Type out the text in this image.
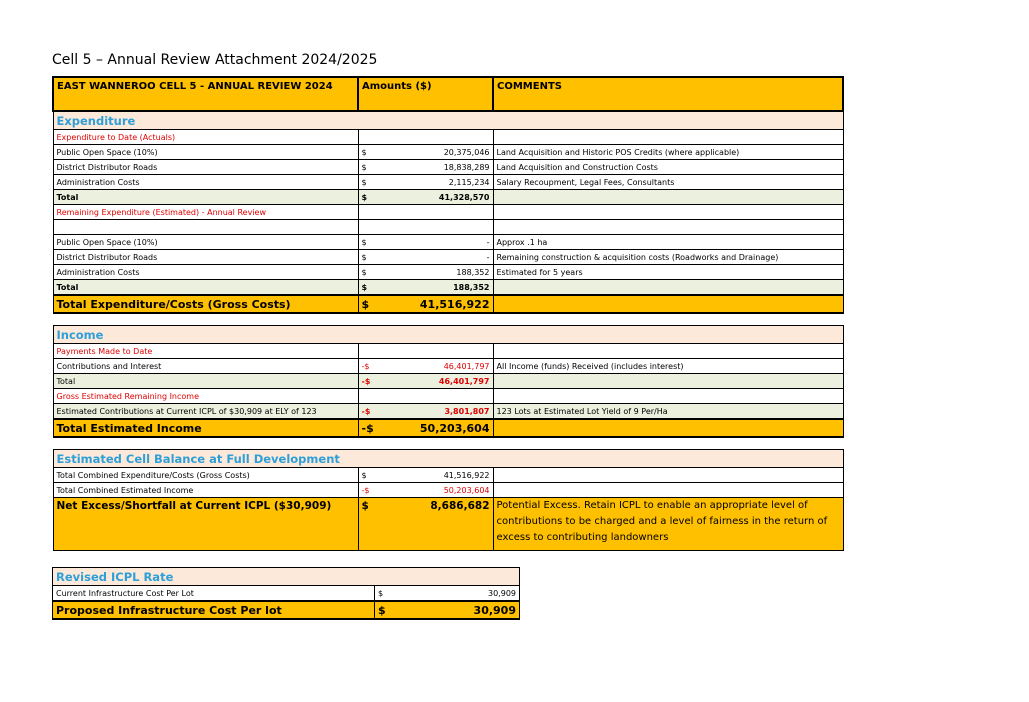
Cell 5 – Annual Review Attachment 2024/2025
EAST WANNEROO CELL 5 - ANNUAL REVIEW 2024	Amounts ($)	COMMENTS
Expenditure		
Expenditure to Date (Actuals)		
Public Open Space (10%)	$ 20,375,046	Land Acquisition and Historic POS Credits (where applicable)
District Distributor Roads	$ 18,838,289	Land Acquisition and Construction Costs
Administration Costs	$ 2,115,234	Salary Recoupment, Legal Fees, Consultants
Total	$ 41,328,570	

Remaining Expenditure (Estimated) - Annual Review		

Public Open Space (10%)	$ -	Approx .1 ha
District Distributor Roads	$ -	Remaining construction & acquisition costs (Roadworks and Drainage)
Administration Costs	$ 188,352	Estimated for 5 years
Total	$ 188,352	

Total Expenditure/Costs (Gross Costs)	$ 41,516,922	

Income		
Payments Made to Date		
Contributions and Interest	-$ 46,401,797	All Income (funds) Received (includes interest)
Total	-$ 46,401,797	

Gross Estimated Remaining Income		
Estimated Contributions at Current ICPL of $30,909 at ELY of 123	-$ 3,801,807	123 Lots at Estimated Lot Yield of 9 Per/Ha
Total Estimated Income	-$ 50,203,604	

Estimated Cell Balance at Full Development		
Total Combined Expenditure/Costs (Gross Costs)	$ 41,516,922	

Total Combined Estimated Income	-$ 50,203,604	

Net Excess/Shortfall at Current ICPL ($30,909)	$ 8,686,682	Potential Excess. Retain ICPL to enable an appropriate level of contributions to be charged and a level of fairness in the return of excess to contributing landowners
Revised ICPL Rate	
Current Infrastructure Cost Per Lot	$ 30,909

Proposed Infrastructure Cost Per lot	$ 30,909
